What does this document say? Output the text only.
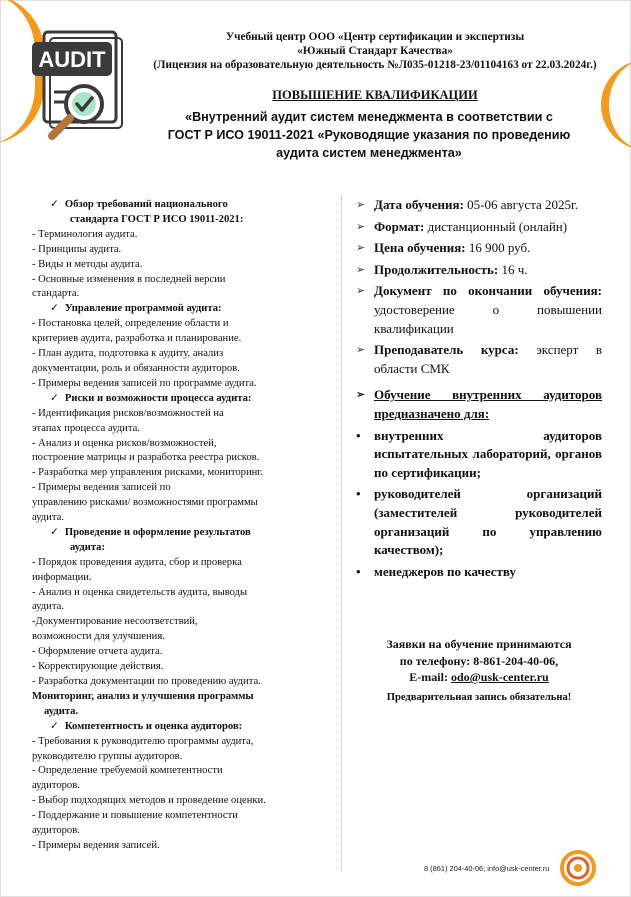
AUDIT
Учебный центр ООО «Центр сертификации и экспертизы
«Южный Стандарт Качества»
(Лицензия на образовательную деятельность №Л035-01218-23/01104163 от 22.03.2024г.)
ПОВЫШЕНИЕ КВАЛИФИКАЦИИ
«Внутренний аудит систем менеджмента в соответствии с
ГОСТ Р ИСО 19011-2021 «Руководящие указания по проведению
аудита систем менеджмента»
✓ Обзор требований национального
стандарта ГОСТ Р ИСО 19011-2021:
- Терминология аудита.
- Принципы аудита.
- Виды и методы аудита.
- Основные изменения в последней версии
стандарта.
✓ Управление программой аудита:
- Постановка целей, определение области и
критериев аудита, разработка и планирование.
- План аудита, подготовка к аудиту, анализ
документации, роль и обязанности аудиторов.
- Примеры ведения записей по программе аудита.
✓ Риски и возможности процесса аудита:
- Идентификация рисков/возможностей на
этапах процесса аудита.
- Анализ и оценка рисков/возможностей,
построение матрицы и разработка реестра рисков.
- Разработка мер управления рисками, мониторинг.
- Примеры ведения записей по
управлению рисками/ возможностями программы
аудита.
✓ Проведение и оформление результатов
аудита:
- Порядок проведения аудита, сбор и проверка
информации.
- Анализ и оценка свидетельств аудита, выводы
аудита.
-Документирование несоответствий,
возможности для улучшения.
- Оформление отчета аудита.
- Корректирующие действия.
- Разработка документации по проведению аудита.
Мониторинг, анализ и улучшения программы
аудита.
✓ Компетентность и оценка аудиторов:
- Требования к руководителю программы аудита,
руководителю группы аудиторов.
- Определение требуемой компетентности
аудиторов.
- Выбор подходящих методов и проведение оценки.
- Поддержание и повышение компетентности
аудиторов.
- Примеры ведения записей.
➢ Дата обучения: 05-06 августа 2025г.
➢ Формат: дистанционный (онлайн)
➢ Цена обучения: 16 900 руб.
➢ Продолжительность: 16 ч.
➢ Документ по окончании обучения: удостоверение о повышении квалификации
➢ Преподаватель курса: эксперт в области СМК
➢ Обучение внутренних аудиторов предназначено для:
• внутренних аудиторов испытательных лабораторий, органов по сертификации;
• руководителей организаций (заместителей руководителей организаций по управлению качеством);
• менеджеров по качеству
Заявки на обучение принимаются
по телефону: 8-861-204-40-06,
E-mail: odo@usk-center.ru
Предварительная запись обязательна!
8 (861) 204-40-06; info@usk-center.ru
